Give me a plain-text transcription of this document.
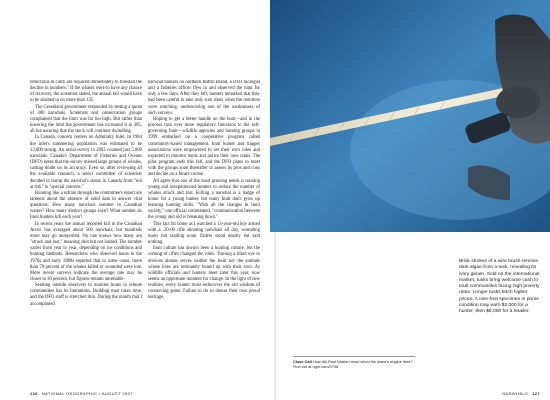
reductions in catch are required immediately to forestall the decline in numbers." If the whales were to have any chance of recovery, the scientists stated, the annual kill would have to be slashed to no more than 135.

The Greenland government responded by setting a quota of 300 narwhals. Scientists and conservation groups complained that the limit was far too high. But rather than lowering the limit the government has increased it to 385, all but assuring that the stock will continue dwindling.

In Canada, concern centers on Admiralty Inlet. In 1984 the inlet's summering population was estimated to be 13,000 strong. An aerial survey in 2003 counted just 5,000 narwhals. Canada's Department of Fisheries and Oceans (DFO) notes that the survey missed large groups of whales, casting doubt on its accuracy. Even so, after reviewing all the available research, a select committee of scientists decided to bump the narwhal's status in Canada from "not at risk" to "special concern."

Running like a refrain through the committee's report are laments about the absence of solid data to answer vital questions: How many narwhals summer in Canadian waters? How many distinct groups exist? What number do Inuit hunters kill each year?

In recent years the annual reported kill in the Canadian Arctic has averaged about 500 narwhals, but hundreds more may go unreported. No one knows how many are "struck and lost," meaning shot but not landed. The number varies from year to year, depending on ice conditions and hunting methods. Researchers who observed hunts in the 1970s and early 1980s reported that in some cases, more than 70 percent of the whales killed or wounded were lost. More recent surveys indicate the average rate may be closer to 30 percent, but figures remain unreliable.

Sending outside observers to monitor hunts in remote communities has its limitations. Building trust takes time, and the DFO staff is stretched thin. During the month that I accompanied

narwhal hunters on northern Baffin Island, a DFO biologist and a fisheries officer flew in and observed the hunt for only a few days. After they left, hunters remarked that they had been careful to take only sure shots when the monitors were watching, underscoring one of the weaknesses of such surveys.

Hoping to get a better handle on the hunt—and in the process turn over more regulatory functions to the self-governing Inuit—wildlife agencies and hunting groups in 1999 embarked on a cooperative program called community-based management. Inuit hunter and trapper associations were empowered to set their own rules and expected to monitor hunts and police their own ranks. The pilot program ends this fall, and the DFO plans to meet with the groups soon thereafter to assess its pros and cons and decide on a future course.

All agree that one of the most pressing needs is training young and inexperienced hunters to reduce the number of whales struck and lost. Killing a narwhal is a badge of honor for a young hunter, but many Inuit don't grow up learning hunting skills. "With all the changes in Inuit society," one official commented, "communication between the young and old is breaking down."

This fact hit home as I watched a 13-year-old boy armed with a .30-06 rifle shooting narwhals all day, wounding many but landing none. Elders stood nearby but said nothing.

Inuit culture has always been a hunting culture, but the coming of rifles changed the rules. Turning a blind eye to obvious abuses serves neither the Inuit nor the animals whose lives are intimately bound up with their own. As wildlife officials and hunters meet later this year, now seems an opportune moment for change. In the light of new realities, every hunter must rediscover the old wisdom of conserving game. Failure to do so denies their own proud heritage.

Brisk strokes of a wire brush remove dark algae from a tusk, revealing its ivory gleam. Sold on the international market, tusks bring welcome cash to Inuit communities facing high poverty rates. Longer tusks fetch higher prices: A nine-foot specimen in prime condition may earn $2,000 for a hunter, then $5,000 for a retailer.

Close Call How did Paul Nicklen react when his plane's engine died? Find out at ngm.com/0708.
126 NATIONAL GEOGRAPHIC • AUGUST 2007	NARWHALS 127
